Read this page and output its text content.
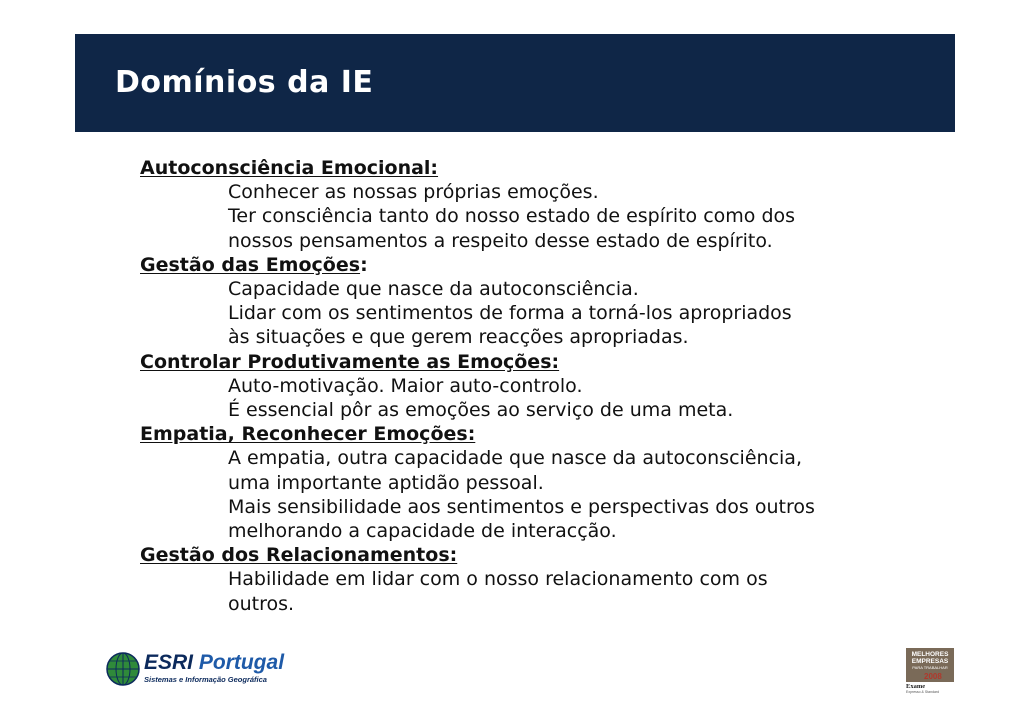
Domínios da IE
Autoconsciência Emocional:
Conhecer as nossas próprias emoções.
Ter consciência tanto do nosso estado de espírito como dos
nossos pensamentos a respeito desse estado de espírito.
Gestão das Emoções:
Capacidade que nasce da autoconsciência.
Lidar com os sentimentos de forma a torná-los apropriados
às situações e que gerem reacções apropriadas.
Controlar Produtivamente as Emoções:
Auto-motivação. Maior auto-controlo.
É essencial pôr as emoções ao serviço de uma meta.
Empatia, Reconhecer Emoções:
A empatia, outra capacidade que nasce da autoconsciência,
uma importante aptidão pessoal.
Mais sensibilidade aos sentimentos e perspectivas dos outros
melhorando a capacidade de interacção.
Gestão dos Relacionamentos:
Habilidade em lidar com o nosso relacionamento com os
outros.
ESRI Portugal
Sistemas e Informação Geográfica
MELHORES
EMPRESAS
PARA TRABALHAR
2008
Exame
Expresso & Standard
